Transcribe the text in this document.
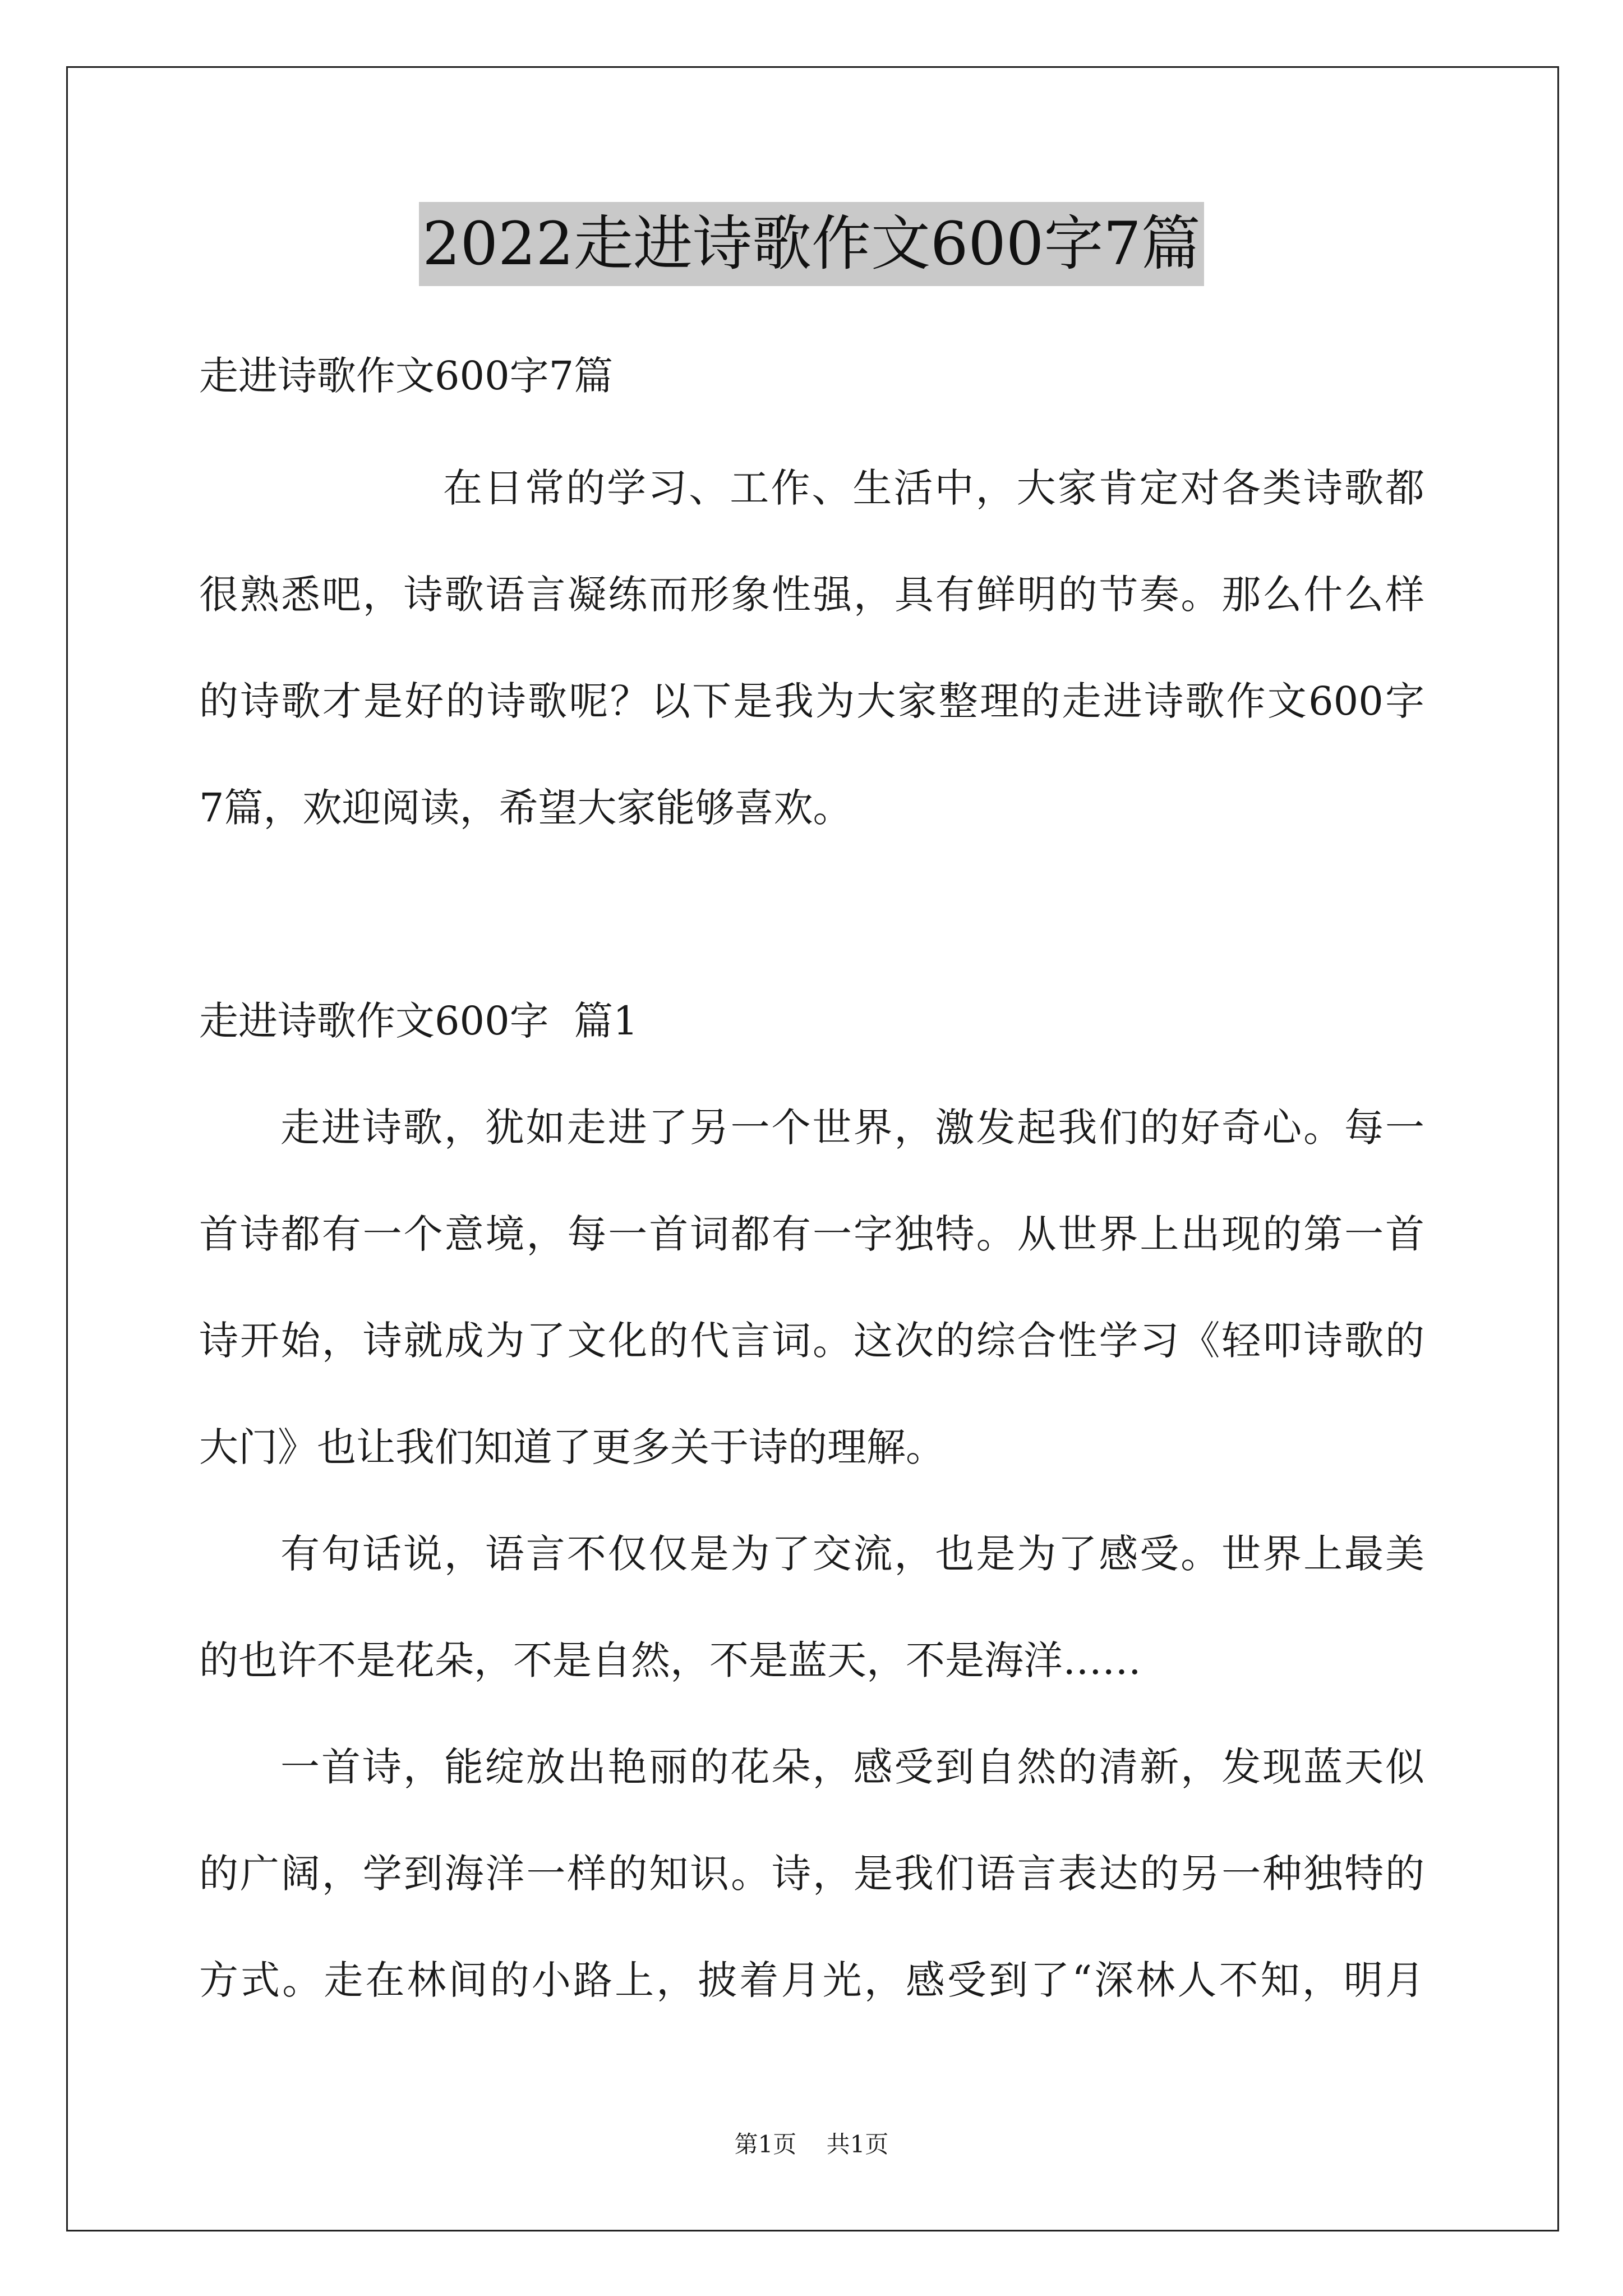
2022走进诗歌作文600字7篇
走进诗歌作文600字7篇
在日常的学习、工作、生活中，大家肯定对各类诗歌都
很熟悉吧，诗歌语言凝练而形象性强，具有鲜明的节奏。那么什么样
的诗歌才是好的诗歌呢？以下是我为大家整理的走进诗歌作文600字
7篇，欢迎阅读，希望大家能够喜欢。
走进诗歌作文600字  篇1
走进诗歌，犹如走进了另一个世界，激发起我们的好奇心。每一
首诗都有一个意境，每一首词都有一字独特。从世界上出现的第一首
诗开始，诗就成为了文化的代言词。这次的综合性学习《轻叩诗歌的
大门》也让我们知道了更多关于诗的理解。
有句话说，语言不仅仅是为了交流，也是为了感受。世界上最美
的也许不是花朵，不是自然，不是蓝天，不是海洋……
一首诗，能绽放出艳丽的花朵，感受到自然的清新，发现蓝天似
的广阔，学到海洋一样的知识。诗，是我们语言表达的另一种独特的
方式。走在林间的小路上，披着月光，感受到了“深林人不知，明月
第1页    共1页
